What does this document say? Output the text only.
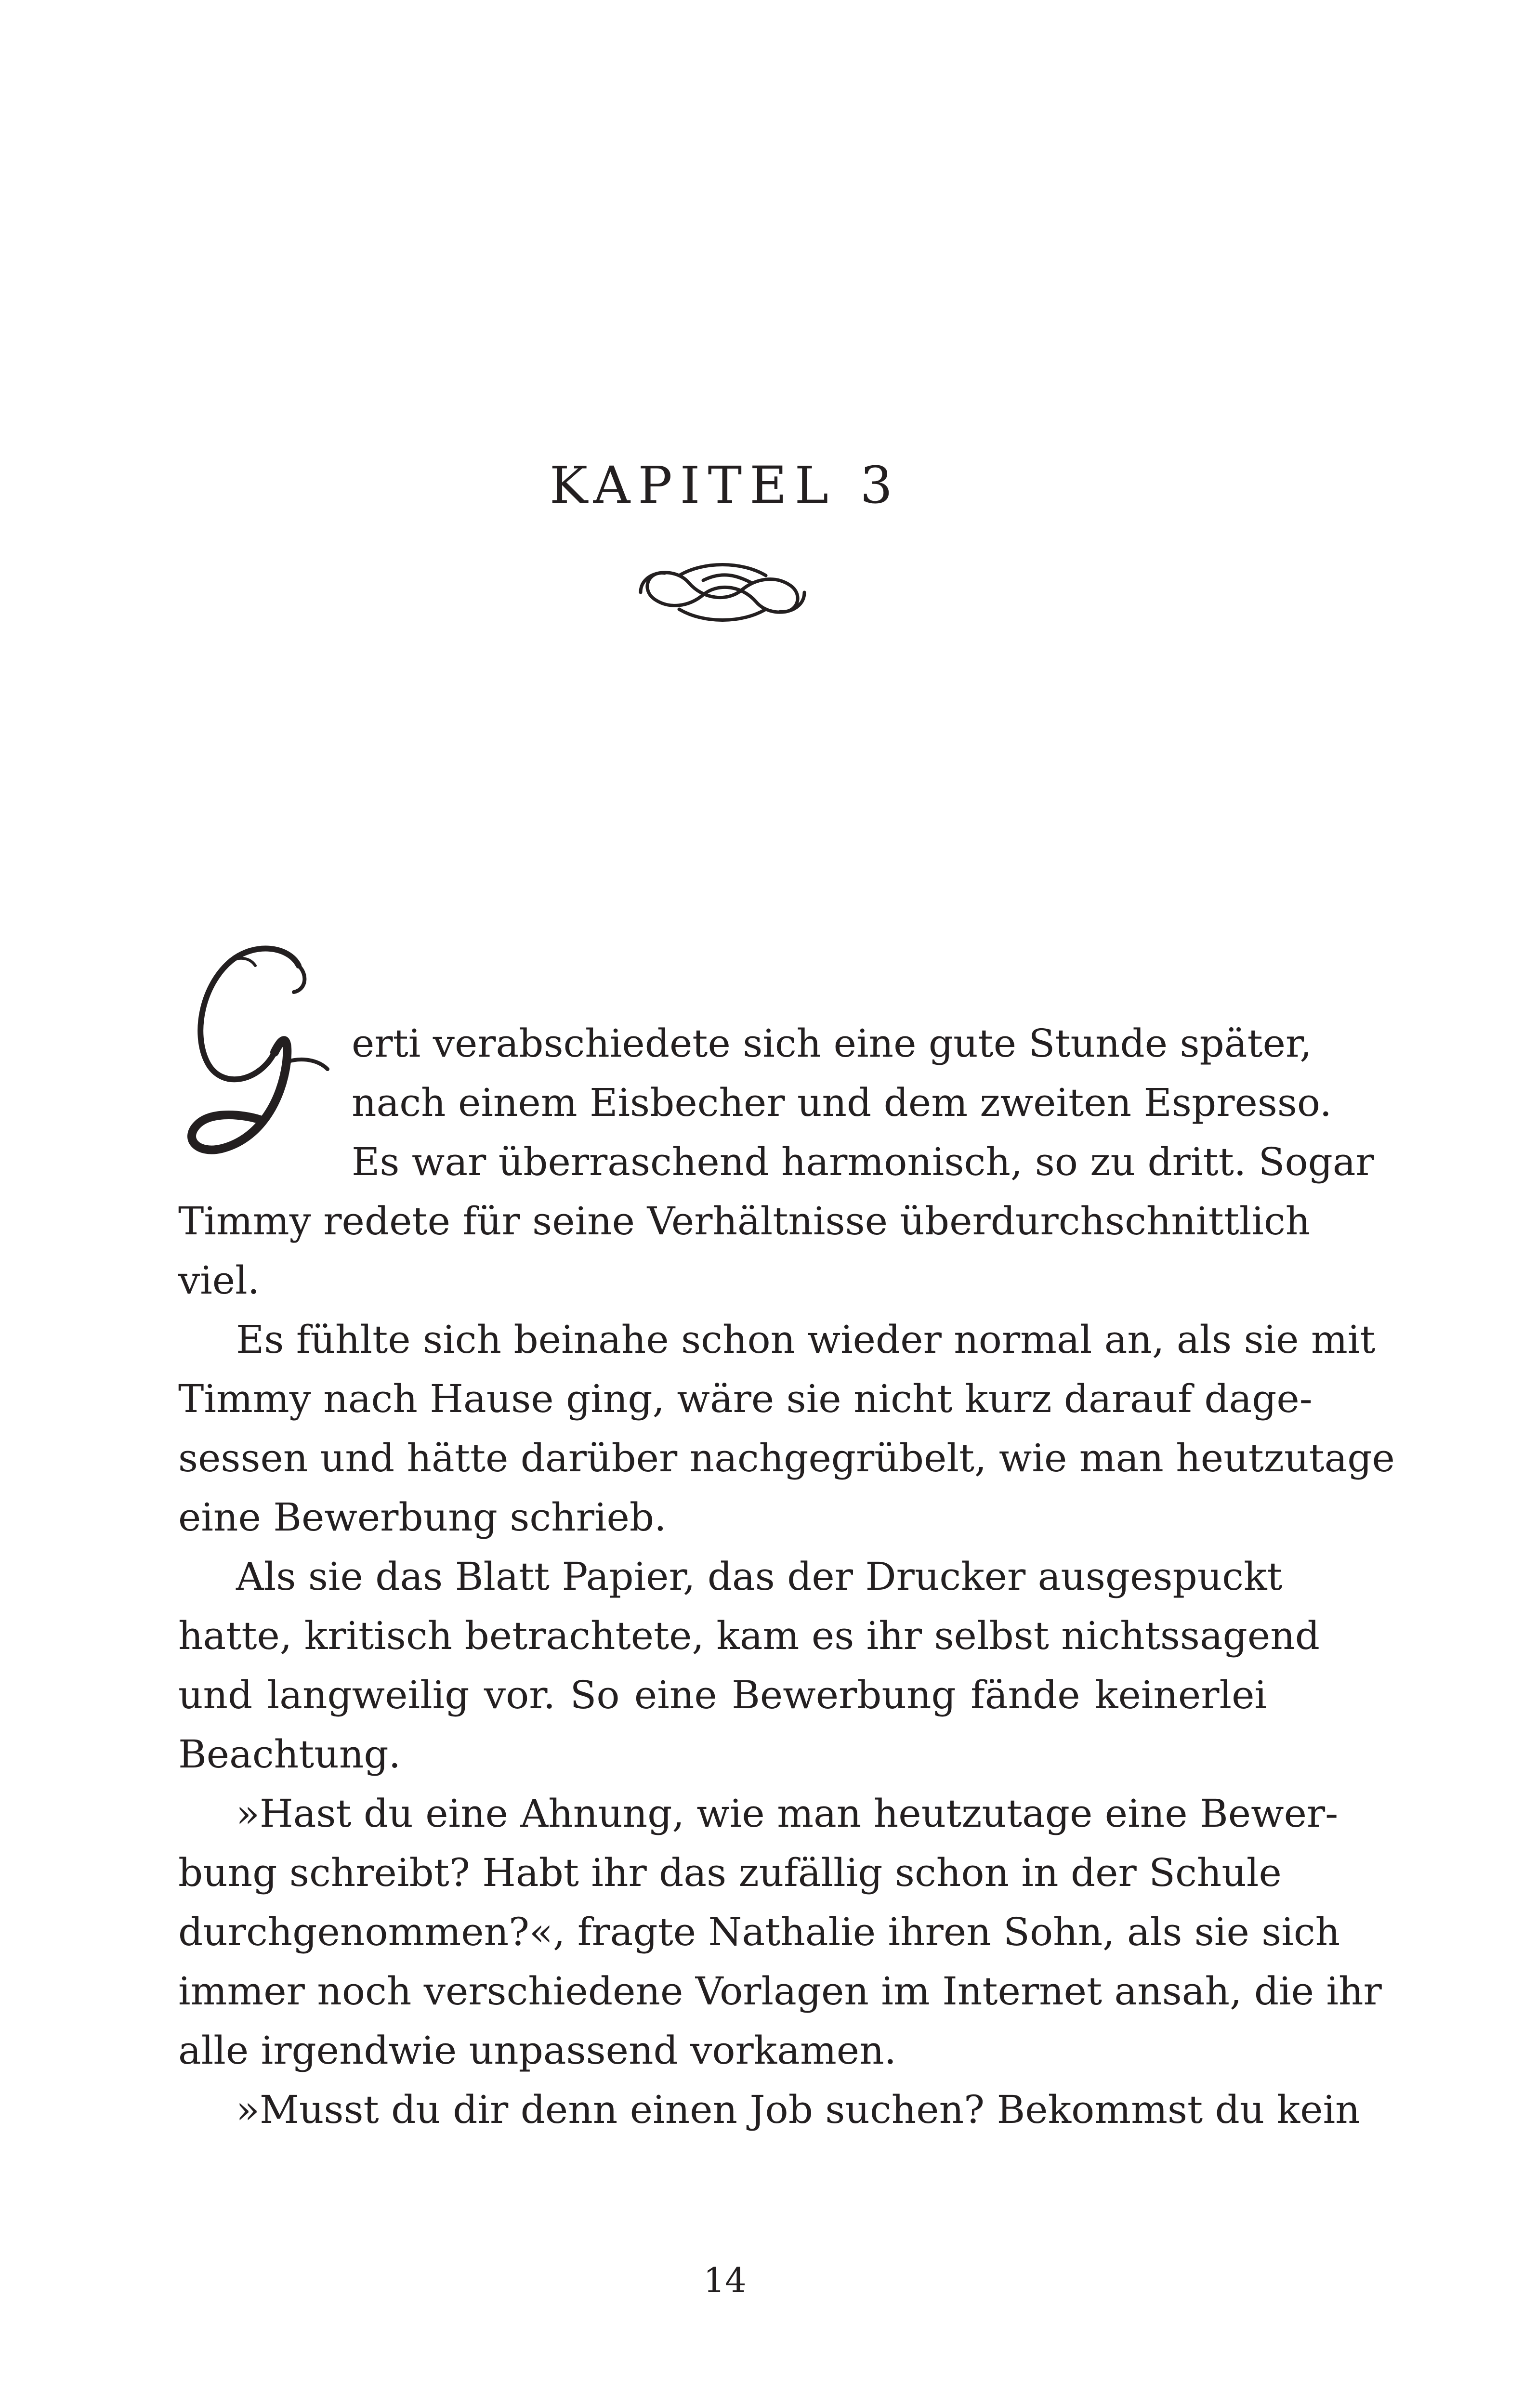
KAPITEL 3
erti verabschiedete sich eine gute Stunde später,
nach einem Eisbecher und dem zweiten Espresso.
Es war überraschend harmonisch, so zu dritt. Sogar
Timmy redete für seine Verhältnisse überdurchschnittlich
viel.
Es fühlte sich beinahe schon wieder normal an, als sie mit
Timmy nach Hause ging, wäre sie nicht kurz darauf dage-
sessen und hätte darüber nachgegrübelt, wie man heutzutage
eine Bewerbung schrieb.
Als sie das Blatt Papier, das der Drucker ausgespuckt
hatte, kritisch betrachtete, kam es ihr selbst nichtssagend
und langweilig vor. So eine Bewerbung fände keinerlei
Beachtung.
»Hast du eine Ahnung, wie man heutzutage eine Bewer-
bung schreibt? Habt ihr das zufällig schon in der Schule
durchgenommen?«, fragte Nathalie ihren Sohn, als sie sich
immer noch verschiedene Vorlagen im Internet ansah, die ihr
alle irgendwie unpassend vorkamen.
»Musst du dir denn einen Job suchen? Bekommst du kein
14
